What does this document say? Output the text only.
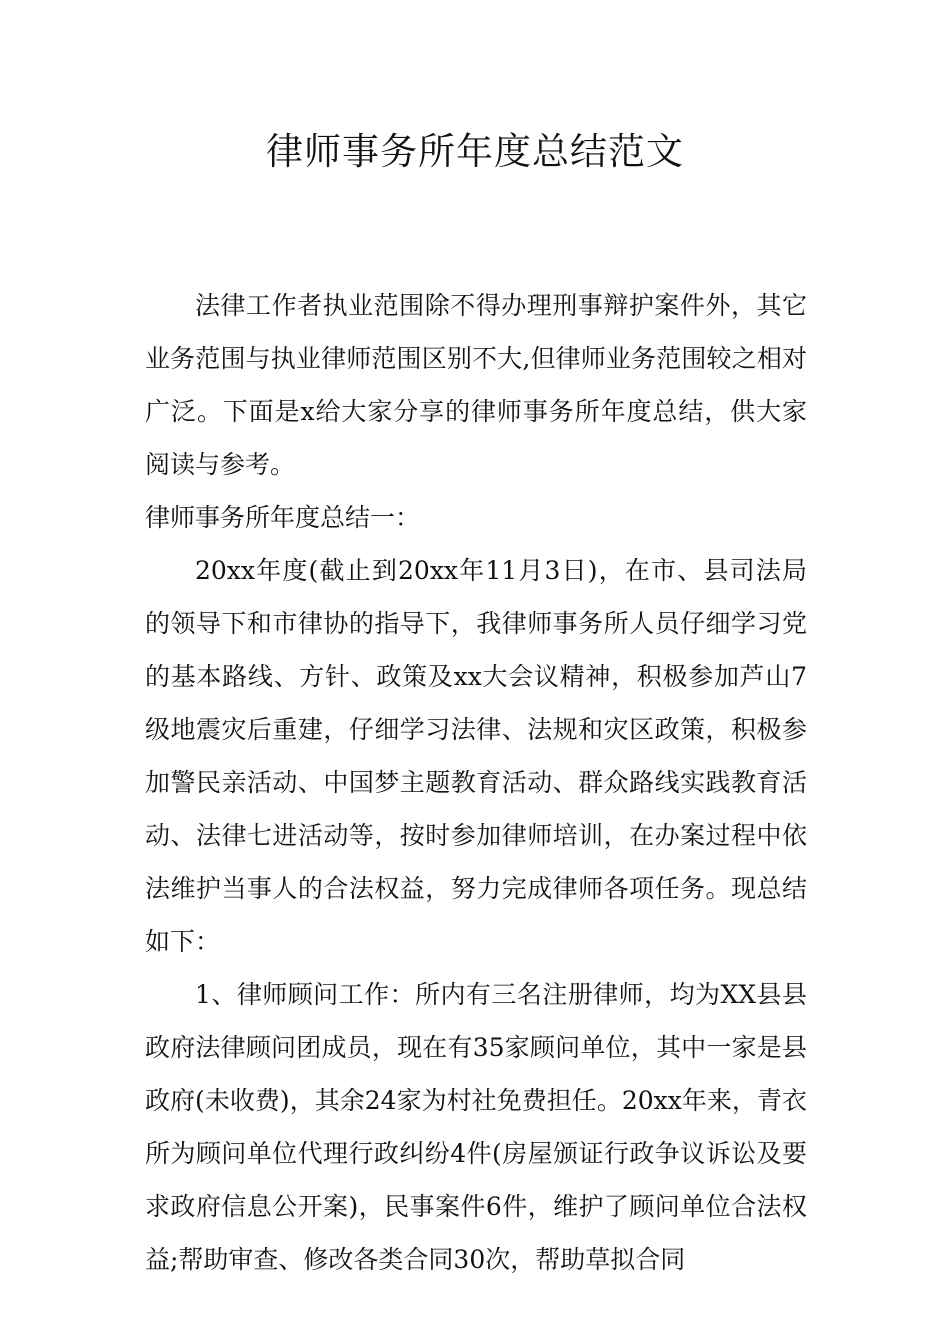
律师事务所年度总结范文

法律工作者执业范围除不得办理刑事辩护案件外，其它业务范围与执业律师范围区别不大,但律师业务范围较之相对广泛。下面是x给大家分享的律师事务所年度总结，供大家阅读与参考。

律师事务所年度总结一：

20xx年度(截止到20xx年11月3日)，在市、县司法局的领导下和市律协的指导下，我律师事务所人员仔细学习党的基本路线、方针、政策及xx大会议精神，积极参加芦山7级地震灾后重建，仔细学习法律、法规和灾区政策，积极参加警民亲活动、中国梦主题教育活动、群众路线实践教育活动、法律七进活动等，按时参加律师培训，在办案过程中依法维护当事人的合法权益，努力完成律师各项任务。现总结如下：

1、律师顾问工作：所内有三名注册律师，均为XX县县政府法律顾问团成员，现在有35家顾问单位，其中一家是县政府(未收费)，其余24家为村社免费担任。20xx年来，青衣所为顾问单位代理行政纠纷4件(房屋颁证行政争议诉讼及要求政府信息公开案)，民事案件6件，维护了顾问单位合法权益;帮助审查、修改各类合同30次，帮助草拟合同
